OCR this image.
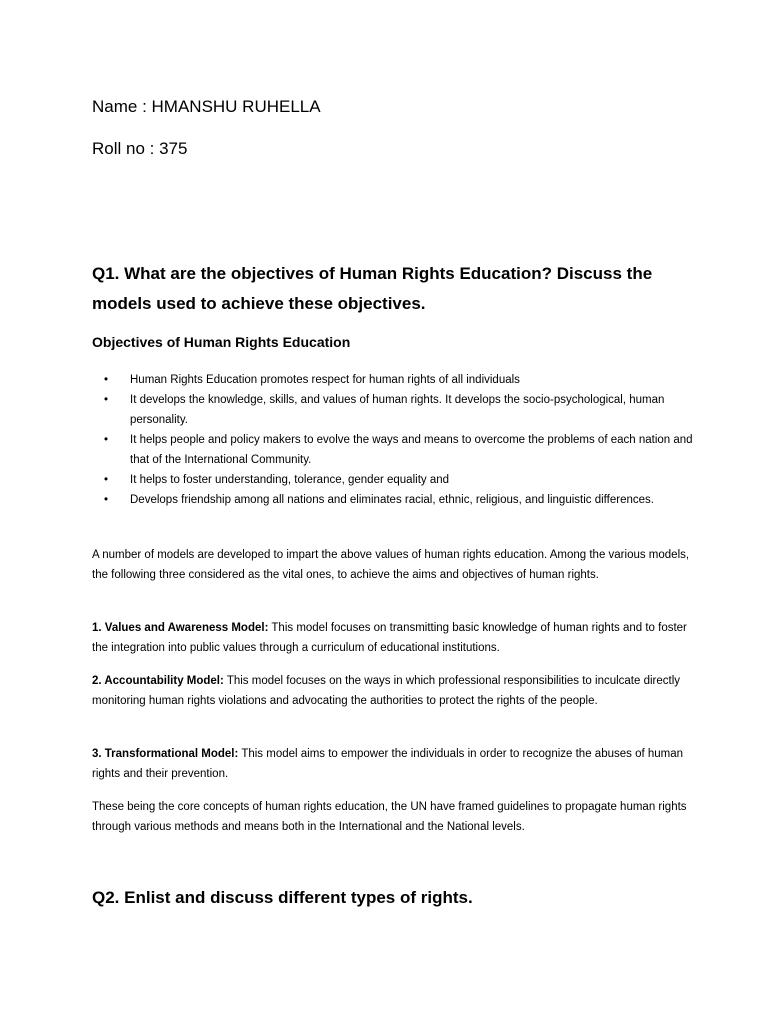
Name : HMANSHU RUHELLA
Roll no : 375
Q1. What are the objectives of Human Rights Education? Discuss the
models used to achieve these objectives.
Objectives of Human Rights Education
•	Human Rights Education promotes respect for human rights of all individuals
•	It develops the knowledge, skills, and values of human rights. It develops the socio-psychological, human personality.
•	It helps people and policy makers to evolve the ways and means to overcome the problems of each nation and that of the International Community.
•	It helps to foster understanding, tolerance, gender equality and
•	Develops friendship among all nations and eliminates racial, ethnic, religious, and linguistic differences.
A number of models are developed to impart the above values of human rights education. Among the various models, the following three considered as the vital ones, to achieve the aims and objectives of human rights.
1. Values and Awareness Model: This model focuses on transmitting basic knowledge of human rights and to foster the integration into public values through a curriculum of educational institutions.
2. Accountability Model: This model focuses on the ways in which professional responsibilities to inculcate directly monitoring human rights violations and advocating the authorities to protect the rights of the people.
3. Transformational Model: This model aims to empower the individuals in order to recognize the abuses of human rights and their prevention.
These being the core concepts of human rights education, the UN have framed guidelines to propagate human rights through various methods and means both in the International and the National levels.
Q2. Enlist and discuss different types of rights.
